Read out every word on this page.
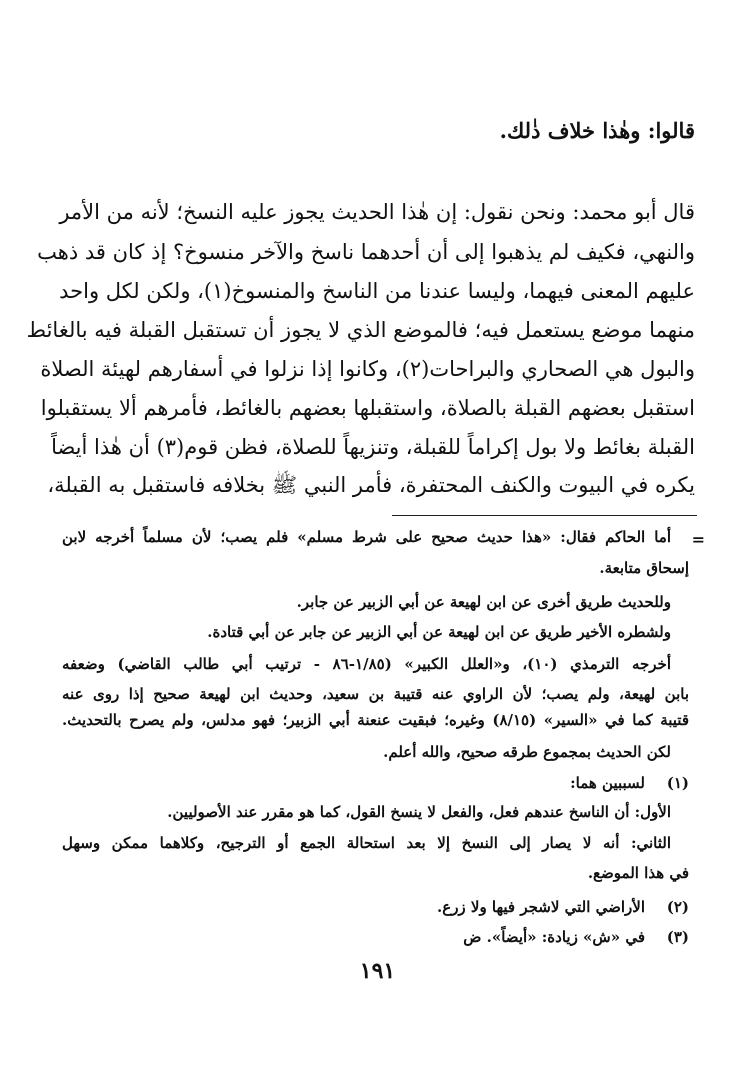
قالوا: وهٰذا خلاف ذٰلك.
قال أبو محمد: ونحن نقول: إن هٰذا الحديث يجوز عليه النسخ؛ لأنه من الأمر
والنهي، فكيف لم يذهبوا إلى أن أحدهما ناسخ والآخر منسوخ؟ إذ كان قد ذهب
عليهم المعنى فيهما، وليسا عندنا من الناسخ والمنسوخ(١)، ولكن لكل واحد
منهما موضع يستعمل فيه؛ فالموضع الذي لا يجوز أن تستقبل القبلة فيه بالغائط
والبول هي الصحاري والبراحات(٢)، وكانوا إذا نزلوا في أسفارهم لهيئة الصلاة
استقبل بعضهم القبلة بالصلاة، واستقبلها بعضهم بالغائط، فأمرهم ألا يستقبلوا
القبلة بغائط ولا بول إكراماً للقبلة، وتنزيهاً للصلاة، فظن قوم(٣) أن هٰذا أيضاً
يكره في البيوت والكنف المحتفرة، فأمر النبي ﷺ بخلافه فاستقبل به القبلة،
=
أما الحاكم فقال: «هذا حديث صحيح على شرط مسلم» فلم يصب؛ لأن مسلماً أخرجه لابن
إسحاق متابعة.
وللحديث طريق أخرى عن ابن لهيعة عن أبي الزبير عن جابر.
ولشطره الأخير طريق عن ابن لهيعة عن أبي الزبير عن جابر عن أبي قتادة.
أخرجه الترمذي (١٠)، و«العلل الكبير» (١/٨٥-٨٦ - ترتيب أبي طالب القاضي) وضعفه
بابن لهيعة، ولم يصب؛ لأن الراوي عنه قتيبة بن سعيد، وحديث ابن لهيعة صحيح إذا روى عنه
قتيبة كما في «السير» (٨/١٥) وغيره؛ فبقيت عنعنة أبي الزبير؛ فهو مدلس، ولم يصرح بالتحديث.
لكن الحديث بمجموع طرقه صحيح، والله أعلم.
(١)
لسببين هما:
الأول: أن الناسخ عندهم فعل، والفعل لا ينسخ القول، كما هو مقرر عند الأصوليين.
الثاني: أنه لا يصار إلى النسخ إلا بعد استحالة الجمع أو الترجيح، وكلاهما ممكن وسهل
في هذا الموضع.
(٢)
الأراضي التي لاشجر فيها ولا زرع.
(٣)
في «ش» زيادة: «أيضاً». ض
١٩١
